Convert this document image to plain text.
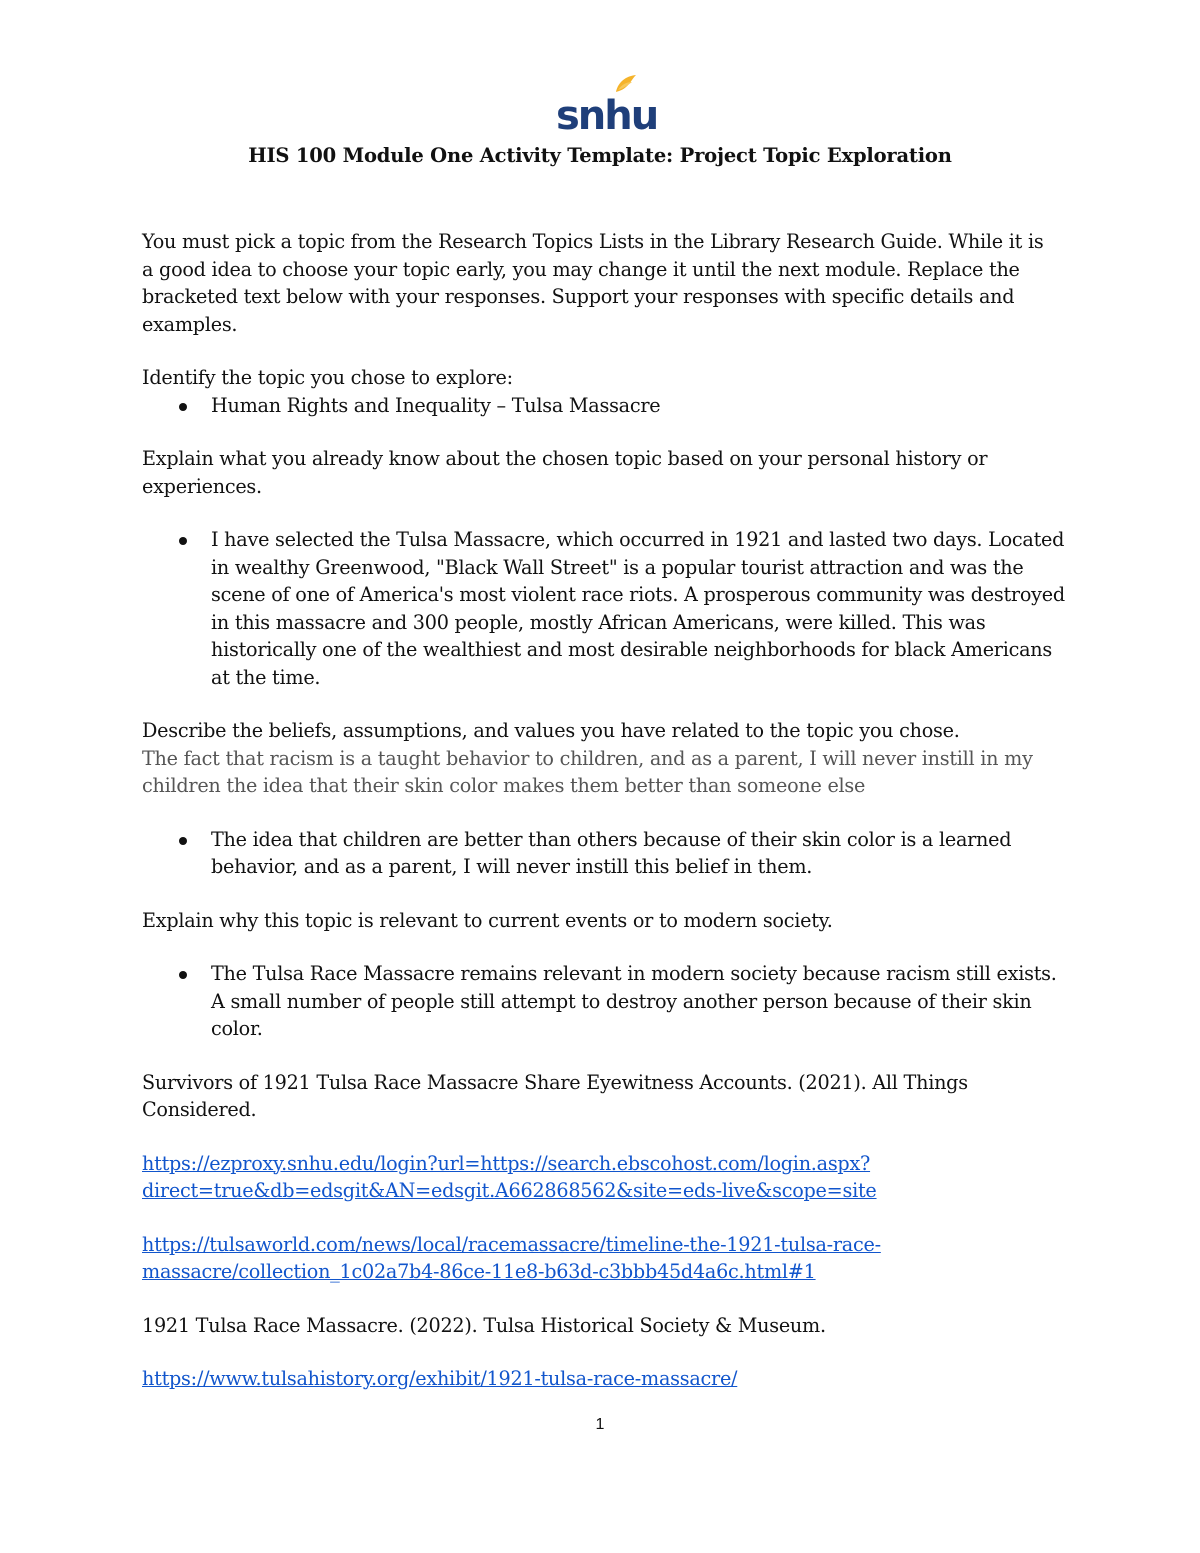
snhu
HIS 100 Module One Activity Template: Project Topic Exploration

You must pick a topic from the Research Topics Lists in the Library Research Guide. While it is

a good idea to choose your topic early, you may change it until the next module. Replace the

bracketed text below with your responses. Support your responses with specific details and

examples.

Identify the topic you chose to explore:

Human Rights and Inequality – Tulsa Massacre

Explain what you already know about the chosen topic based on your personal history or

experiences.

I have selected the Tulsa Massacre, which occurred in 1921 and lasted two days. Located

in wealthy Greenwood, "Black Wall Street" is a popular tourist attraction and was the

scene of one of America's most violent race riots. A prosperous community was destroyed

in this massacre and 300 people, mostly African Americans, were killed. This was

historically one of the wealthiest and most desirable neighborhoods for black Americans

at the time.

Describe the beliefs, assumptions, and values you have related to the topic you chose.

The fact that racism is a taught behavior to children, and as a parent, I will never instill in my

children the idea that their skin color makes them better than someone else

The idea that children are better than others because of their skin color is a learned

behavior, and as a parent, I will never instill this belief in them.

Explain why this topic is relevant to current events or to modern society.

The Tulsa Race Massacre remains relevant in modern society because racism still exists.

A small number of people still attempt to destroy another person because of their skin

color.

Survivors of 1921 Tulsa Race Massacre Share Eyewitness Accounts. (2021). All Things

Considered.

https://ezproxy.snhu.edu/login?url=https://search.ebscohost.com/login.aspx?
direct=true&db=edsgit&AN=edsgit.A662868562&site=eds-live&scope=site
https://tulsaworld.com/news/local/racemassacre/timeline-the-1921-tulsa-race-
massacre/collection_1c02a7b4-86ce-11e8-b63d-c3bbb45d4a6c.html#1

1921 Tulsa Race Massacre. (2022). Tulsa Historical Society & Museum.

https://www.tulsahistory.org/exhibit/1921-tulsa-race-massacre/
1
